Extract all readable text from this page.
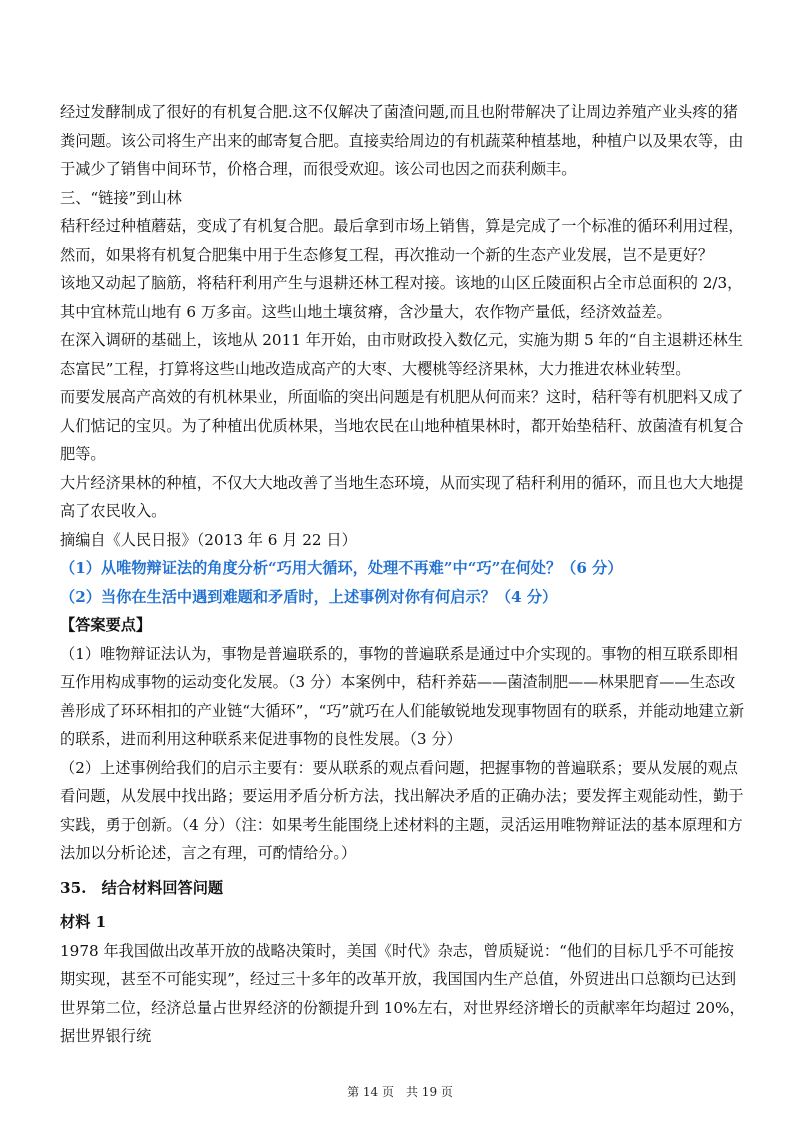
经过发酵制成了很好的有机复合肥.这不仅解决了菌渣问题,而且也附带解决了让周边养殖产业头疼的猪粪问题。该公司将生产出来的邮寄复合肥。直接卖给周边的有机蔬菜种植基地，种植户以及果农等，由于减少了销售中间环节，价格合理，而很受欢迎。该公司也因之而获利颇丰。

三、“链接”到山林

秸秆经过种植蘑菇，变成了有机复合肥。最后拿到市场上销售，算是完成了一个标准的循环利用过程，然而，如果将有机复合肥集中用于生态修复工程，再次推动一个新的生态产业发展，岂不是更好？

该地又动起了脑筋，将秸秆利用产生与退耕还林工程对接。该地的山区丘陵面积占全市总面积的 2/3，其中宜林荒山地有 6 万多亩。这些山地土壤贫瘠，含沙量大，农作物产量低，经济效益差。

在深入调研的基础上，该地从 2011 年开始，由市财政投入数亿元，实施为期 5 年的“自主退耕还林生态富民”工程，打算将这些山地改造成高产的大枣、大樱桃等经济果林，大力推进农林业转型。

而要发展高产高效的有机林果业，所面临的突出问题是有机肥从何而来？这时，秸秆等有机肥料又成了人们惦记的宝贝。为了种植出优质林果，当地农民在山地种植果林时，都开始垫秸秆、放菌渣有机复合肥等。

大片经济果林的种植，不仅大大地改善了当地生态环境，从而实现了秸秆利用的循环，而且也大大地提高了农民收入。

摘编自《人民日报》（2013 年 6 月 22 日）

（1）从唯物辩证法的角度分析“巧用大循环，处理不再难”中“巧”在何处？（6 分）

（2）当你在生活中遇到难题和矛盾时，上述事例对你有何启示？（4 分）

【答案要点】

（1）唯物辩证法认为，事物是普遍联系的，事物的普遍联系是通过中介实现的。事物的相互联系即相互作用构成事物的运动变化发展。（3 分）本案例中，秸秆养菇——菌渣制肥——林果肥育——生态改善形成了环环相扣的产业链“大循环”，“巧”就巧在人们能敏锐地发现事物固有的联系，并能动地建立新的联系，进而利用这种联系来促进事物的良性发展。（3 分）

（2）上述事例给我们的启示主要有：要从联系的观点看问题，把握事物的普遍联系；要从发展的观点看问题，从发展中找出路；要运用矛盾分析方法，找出解决矛盾的正确办法；要发挥主观能动性，勤于实践，勇于创新。（4 分）（注：如果考生能围绕上述材料的主题，灵活运用唯物辩证法的基本原理和方法加以分析论述，言之有理，可酌情给分。）

35.　结合材料回答问题

材料 1

1978 年我国做出改革开放的战略决策时，美国《时代》杂志，曾质疑说：“他们的目标几乎不可能按期实现，甚至不可能实现”，经过三十多年的改革开放，我国国内生产总值，外贸进出口总额均已达到世界第二位，经济总量占世界经济的份额提升到 10%左右，对世界经济增长的贡献率年均超过 20%，据世界银行统

第 14 页　共 19 页
